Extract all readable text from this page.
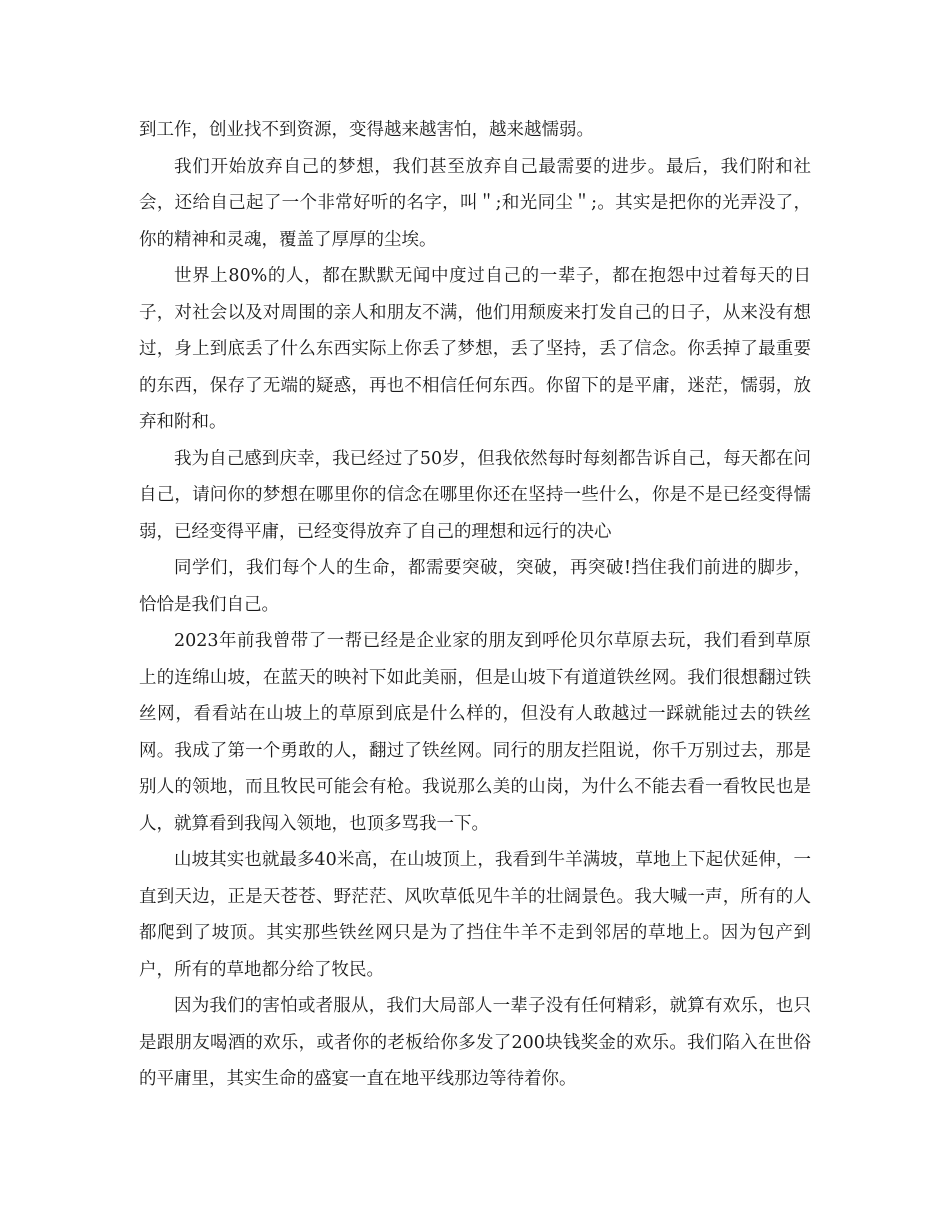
到工作，创业找不到资源，变得越来越害怕，越来越懦弱。

我们开始放弃自己的梦想，我们甚至放弃自己最需要的进步。最后，我们附和社会，还给自己起了一个非常好听的名字，叫＂;和光同尘＂;。其实是把你的光弄没了，你的精神和灵魂，覆盖了厚厚的尘埃。

世界上80%的人，都在默默无闻中度过自己的一辈子，都在抱怨中过着每天的日子，对社会以及对周围的亲人和朋友不满，他们用颓废来打发自己的日子，从来没有想过，身上到底丢了什么东西实际上你丢了梦想，丢了坚持，丢了信念。你丢掉了最重要的东西，保存了无端的疑惑，再也不相信任何东西。你留下的是平庸，迷茫，懦弱，放弃和附和。

我为自己感到庆幸，我已经过了50岁，但我依然每时每刻都告诉自己，每天都在问自己，请问你的梦想在哪里你的信念在哪里你还在坚持一些什么，你是不是已经变得懦弱，已经变得平庸，已经变得放弃了自己的理想和远行的决心

同学们，我们每个人的生命，都需要突破，突破，再突破!挡住我们前进的脚步，恰恰是我们自己。

2023年前我曾带了一帮已经是企业家的朋友到呼伦贝尔草原去玩，我们看到草原上的连绵山坡，在蓝天的映衬下如此美丽，但是山坡下有道道铁丝网。我们很想翻过铁丝网，看看站在山坡上的草原到底是什么样的，但没有人敢越过一踩就能过去的铁丝网。我成了第一个勇敢的人，翻过了铁丝网。同行的朋友拦阻说，你千万别过去，那是别人的领地，而且牧民可能会有枪。我说那么美的山岗，为什么不能去看一看牧民也是人，就算看到我闯入领地，也顶多骂我一下。

山坡其实也就最多40米高，在山坡顶上，我看到牛羊满坡，草地上下起伏延伸，一直到天边，正是天苍苍、野茫茫、风吹草低见牛羊的壮阔景色。我大喊一声，所有的人都爬到了坡顶。其实那些铁丝网只是为了挡住牛羊不走到邻居的草地上。因为包产到户，所有的草地都分给了牧民。

因为我们的害怕或者服从，我们大局部人一辈子没有任何精彩，就算有欢乐，也只是跟朋友喝酒的欢乐，或者你的老板给你多发了200块钱奖金的欢乐。我们陷入在世俗的平庸里，其实生命的盛宴一直在地平线那边等待着你。
